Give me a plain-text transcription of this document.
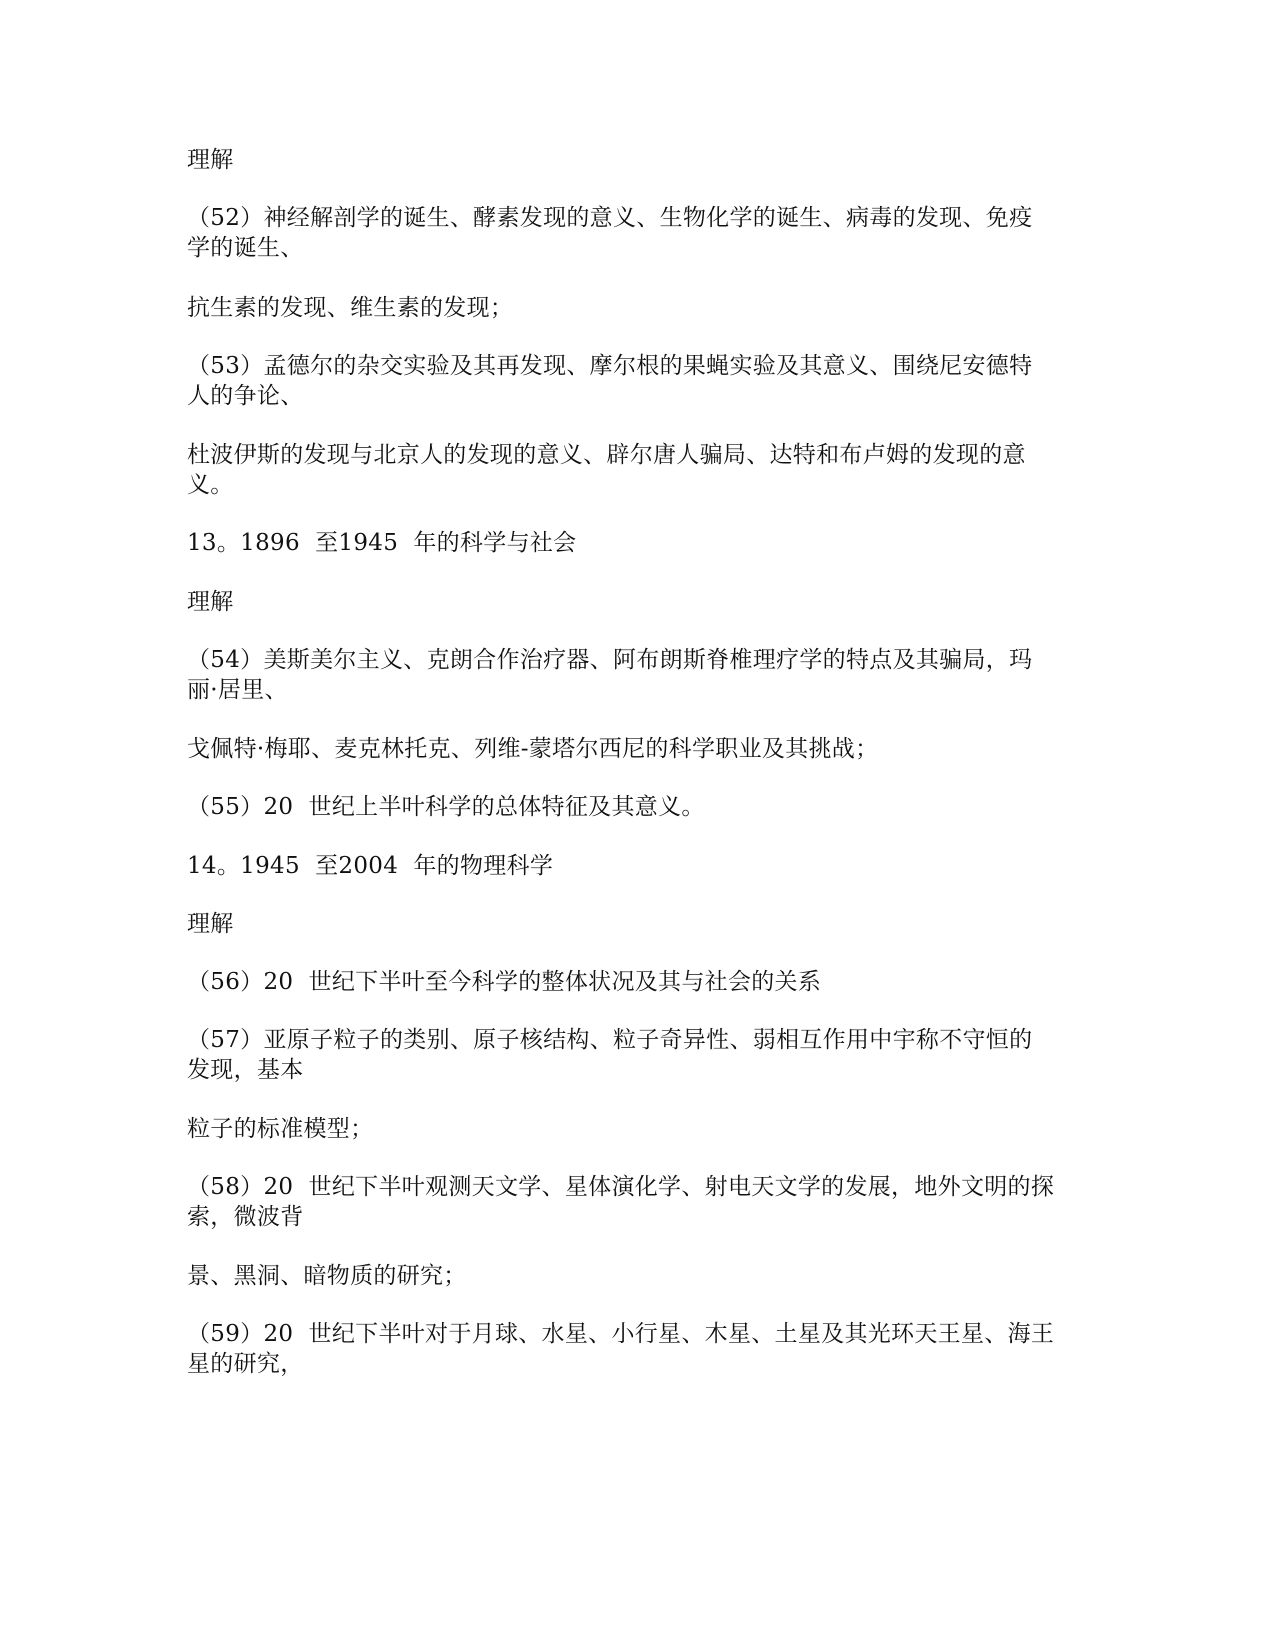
理解
（52）神经解剖学的诞生、酵素发现的意义、生物化学的诞生、病毒的发现、免疫
学的诞生、
抗生素的发现、维生素的发现；
（53）孟德尔的杂交实验及其再发现、摩尔根的果蝇实验及其意义、围绕尼安德特
人的争论、
杜波伊斯的发现与北京人的发现的意义、辟尔唐人骗局、达特和布卢姆的发现的意
义。
13。1896  至1945  年的科学与社会
理解
（54）美斯美尔主义、克朗合作治疗器、阿布朗斯脊椎理疗学的特点及其骗局，玛
丽·居里、
戈佩特·梅耶、麦克林托克、列维-蒙塔尔西尼的科学职业及其挑战；
（55）20  世纪上半叶科学的总体特征及其意义。
14。1945  至2004  年的物理科学
理解
（56）20  世纪下半叶至今科学的整体状况及其与社会的关系
（57）亚原子粒子的类别、原子核结构、粒子奇异性、弱相互作用中宇称不守恒的
发现，基本
粒子的标准模型；
（58）20  世纪下半叶观测天文学、星体演化学、射电天文学的发展，地外文明的探
索，微波背
景、黑洞、暗物质的研究；
（59）20  世纪下半叶对于月球、水星、小行星、木星、土星及其光环天王星、海王
星的研究，
